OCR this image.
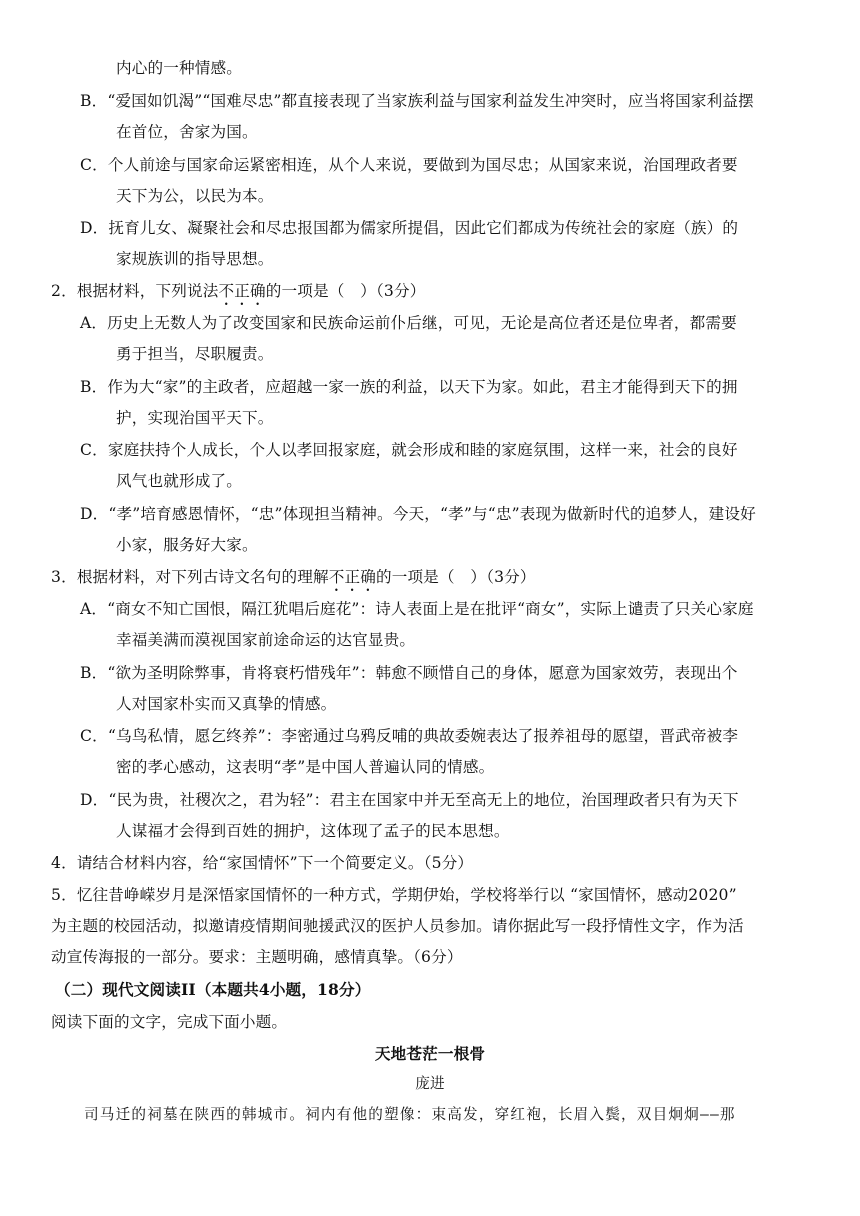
内心的一种情感。
B．“爱国如饥渴”“国难尽忠”都直接表现了当家族利益与国家利益发生冲突时，应当将国家利益摆
在首位，舍家为国。
C．个人前途与国家命运紧密相连，从个人来说，要做到为国尽忠；从国家来说，治国理政者要
天下为公，以民为本。
D．抚育儿女、凝聚社会和尽忠报国都为儒家所提倡，因此它们都成为传统社会的家庭（族）的
家规族训的指导思想。
2．根据材料，下列说法不正确的一项是（　）（3分）
A．历史上无数人为了改变国家和民族命运前仆后继，可见，无论是高位者还是位卑者，都需要
勇于担当，尽职履责。
B．作为大“家”的主政者，应超越一家一族的利益，以天下为家。如此，君主才能得到天下的拥
护，实现治国平天下。
C．家庭扶持个人成长，个人以孝回报家庭，就会形成和睦的家庭氛围，这样一来，社会的良好
风气也就形成了。
D．“孝”培育感恩情怀，“忠”体现担当精神。今天，“孝”与“忠”表现为做新时代的追梦人，建设好
小家，服务好大家。
3．根据材料，对下列古诗文名句的理解不正确的一项是（　）（3分）
A．“商女不知亡国恨，隔江犹唱后庭花”：诗人表面上是在批评“商女”，实际上谴责了只关心家庭
幸福美满而漠视国家前途命运的达官显贵。
B．“欲为圣明除弊事，肯将衰朽惜残年”：韩愈不顾惜自己的身体，愿意为国家效劳，表现出个
人对国家朴实而又真挚的情感。
C．“乌鸟私情，愿乞终养”：李密通过乌鸦反哺的典故委婉表达了报养祖母的愿望，晋武帝被李
密的孝心感动，这表明“孝”是中国人普遍认同的情感。
D．“民为贵，社稷次之，君为轻”：君主在国家中并无至高无上的地位，治国理政者只有为天下
人谋福才会得到百姓的拥护，这体现了孟子的民本思想。
4．请结合材料内容，给“家国情怀”下一个简要定义。（5分）
5．忆往昔峥嵘岁月是深悟家国情怀的一种方式，学期伊始，学校将举行以 “家国情怀，感动2020”
为主题的校园活动，拟邀请疫情期间驰援武汉的医护人员参加。请你据此写一段抒情性文字，作为活
动宣传海报的一部分。要求：主题明确，感情真挚。（6分）
（二）现代文阅读II（本题共4小题，18分）
阅读下面的文字，完成下面小题。
天地苍茫一根骨
庞进
司马迁的祠墓在陕西的韩城市。祠内有他的塑像：束高发，穿红袍，长眉入鬓，双目炯炯——那
